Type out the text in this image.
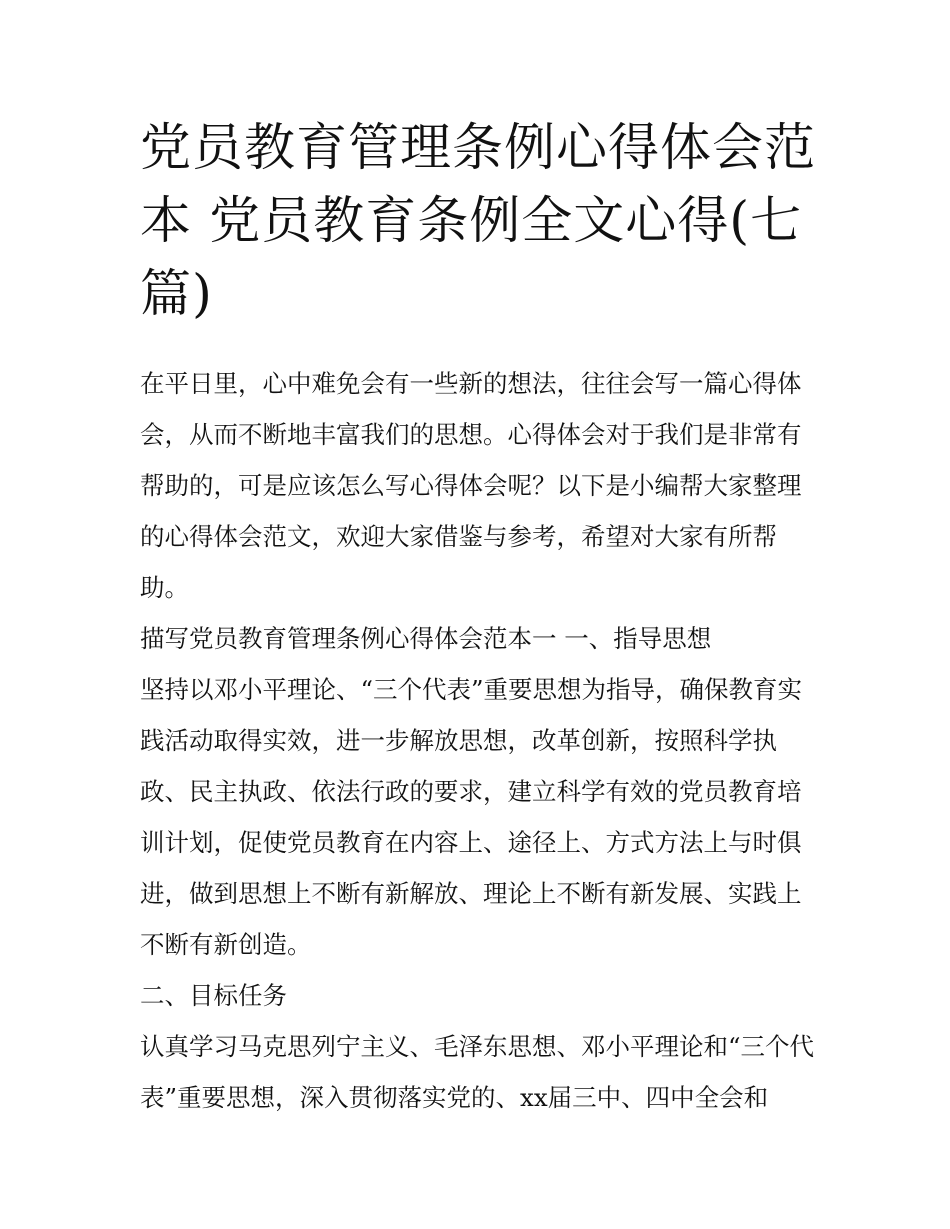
党员教育管理条例心得体会范本 党员教育条例全文心得(七篇)

在平日里，心中难免会有一些新的想法，往往会写一篇心得体会，从而不断地丰富我们的思想。心得体会对于我们是非常有帮助的，可是应该怎么写心得体会呢？以下是小编帮大家整理的心得体会范文，欢迎大家借鉴与参考，希望对大家有所帮助。

描写党员教育管理条例心得体会范本一 一、指导思想

坚持以邓小平理论、“三个代表”重要思想为指导，确保教育实践活动取得实效，进一步解放思想，改革创新，按照科学执政、民主执政、依法行政的要求，建立科学有效的党员教育培训计划，促使党员教育在内容上、途径上、方式方法上与时俱进，做到思想上不断有新解放、理论上不断有新发展、实践上不断有新创造。

二、目标任务

认真学习马克思列宁主义、毛泽东思想、邓小平理论和“三个代表”重要思想，深入贯彻落实党的、xx届三中、四中全会和
